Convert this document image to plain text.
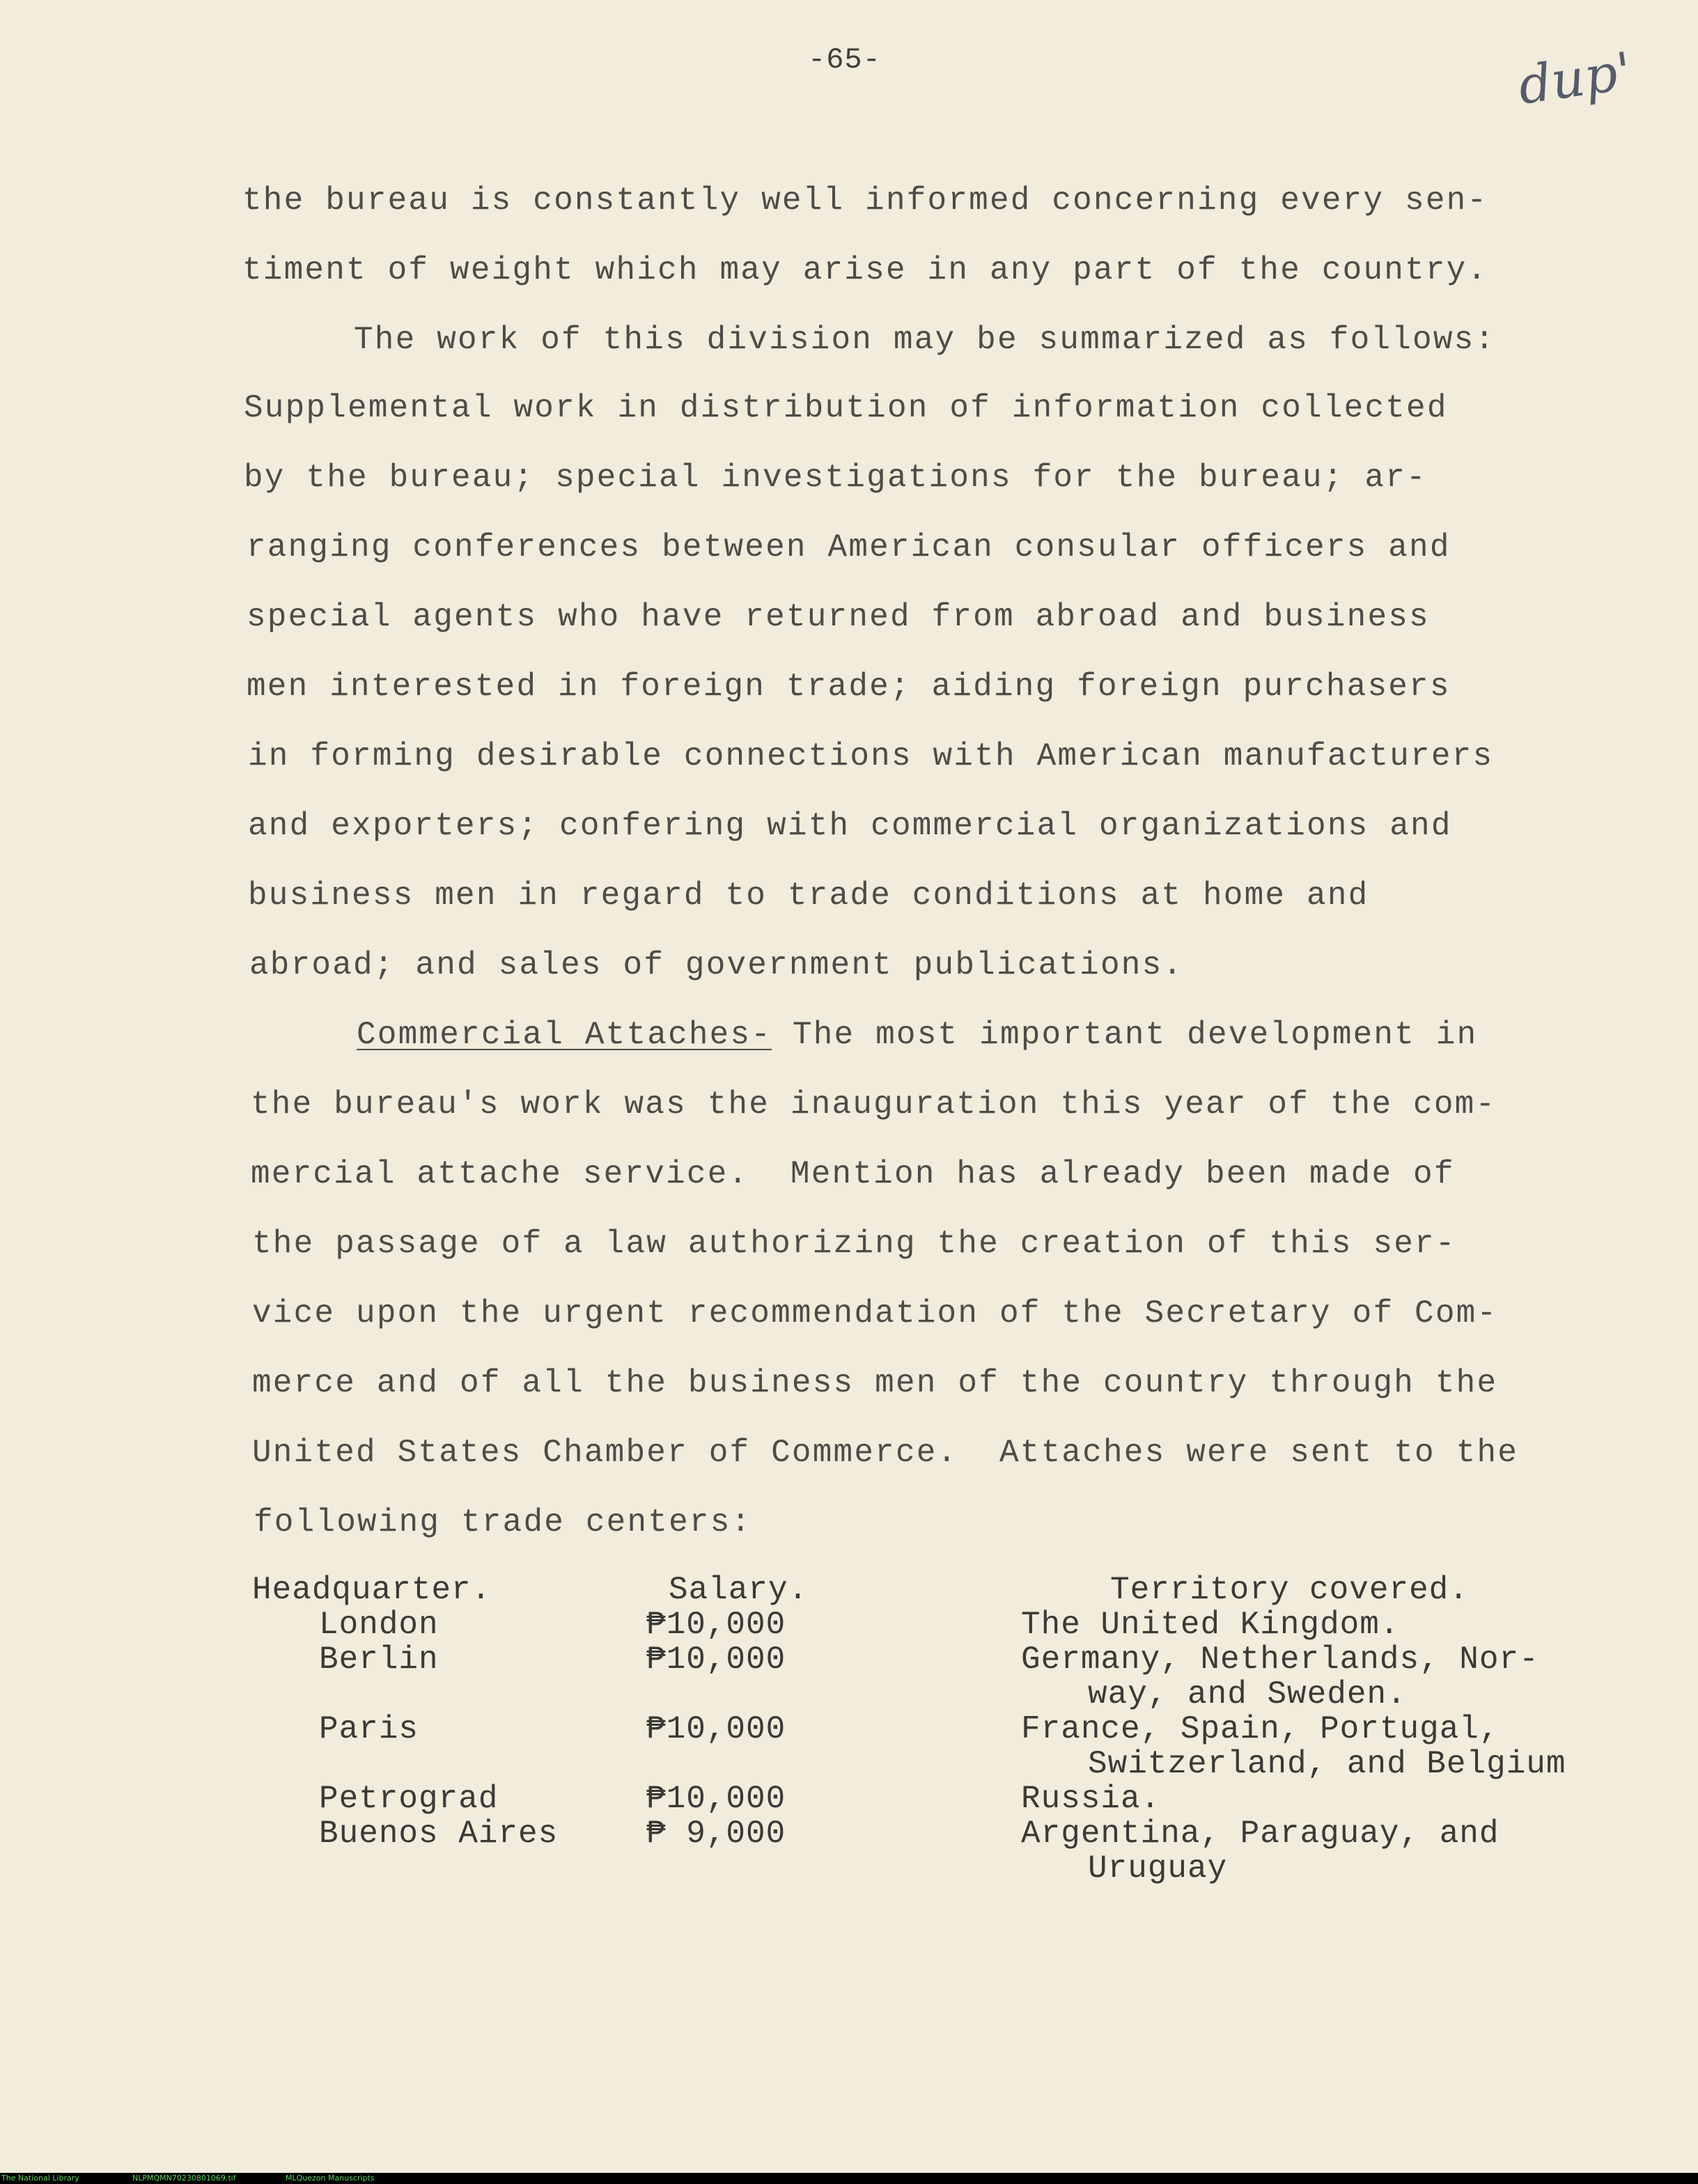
-65-	dup'
the bureau is constantly well informed concerning every sen-
timent of weight which may arise in any part of the country.
The work of this division may be summarized as follows:
Supplemental work in distribution of information collected
by the bureau; special investigations for the bureau; ar-
ranging conferences between American consular officers and
special agents who have returned from abroad and business
men interested in foreign trade; aiding foreign purchasers
in forming desirable connections with American manufacturers
and exporters; confering with commercial organizations and
business men in regard to trade conditions at home and
abroad; and sales of government publications.
Commercial Attaches- The most important development in
the bureau's work was the inauguration this year of the com-
mercial attache service.  Mention has already been made of
the passage of a law authorizing the creation of this ser-
vice upon the urgent recommendation of the Secretary of Com-
merce and of all the business men of the country through the
United States Chamber of Commerce.  Attaches were sent to the
following trade centers:
Headquarter.	Salary.	Territory covered.
London	₱10,000	The United Kingdom.
Berlin	₱10,000	Germany, Netherlands, Nor-
way, and Sweden.
Paris	₱10,000	France, Spain, Portugal,
Switzerland, and Belgium
Petrograd	₱10,000	Russia.
Buenos Aires	₱ 9,000	Argentina, Paraguay, and
Uruguay
The National Library	NLPMQMN70230801069.tif	MLQuezon Manuscripts
